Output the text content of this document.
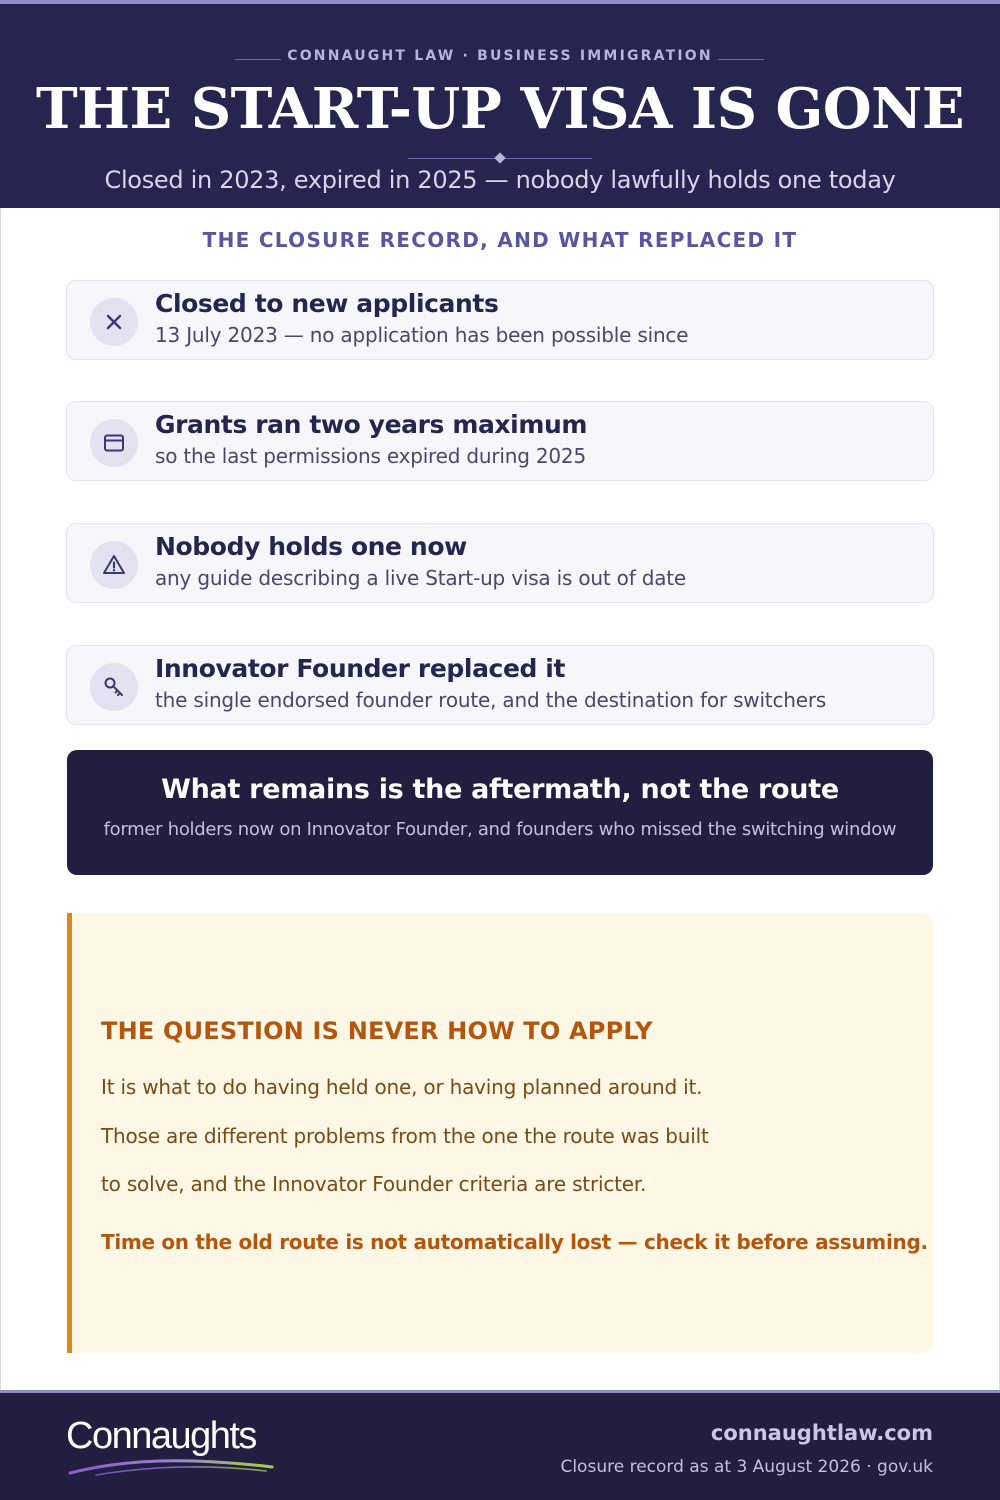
CONNAUGHT LAW · BUSINESS IMMIGRATION
THE START-UP VISA IS GONE
Closed in 2023, expired in 2025 — nobody lawfully holds one today
THE CLOSURE RECORD, AND WHAT REPLACED IT
Closed to new applicants
13 July 2023 — no application has been possible since
Grants ran two years maximum
so the last permissions expired during 2025
Nobody holds one now
any guide describing a live Start-up visa is out of date
Innovator Founder replaced it
the single endorsed founder route, and the destination for switchers
What remains is the aftermath, not the route
former holders now on Innovator Founder, and founders who missed the switching window
THE QUESTION IS NEVER HOW TO APPLY
It is what to do having held one, or having planned around it.
Those are different problems from the one the route was built
to solve, and the Innovator Founder criteria are stricter.
Time on the old route is not automatically lost — check it before assuming.
Connaughts	connaughtlaw.com
Closure record as at 3 August 2026 · gov.uk
